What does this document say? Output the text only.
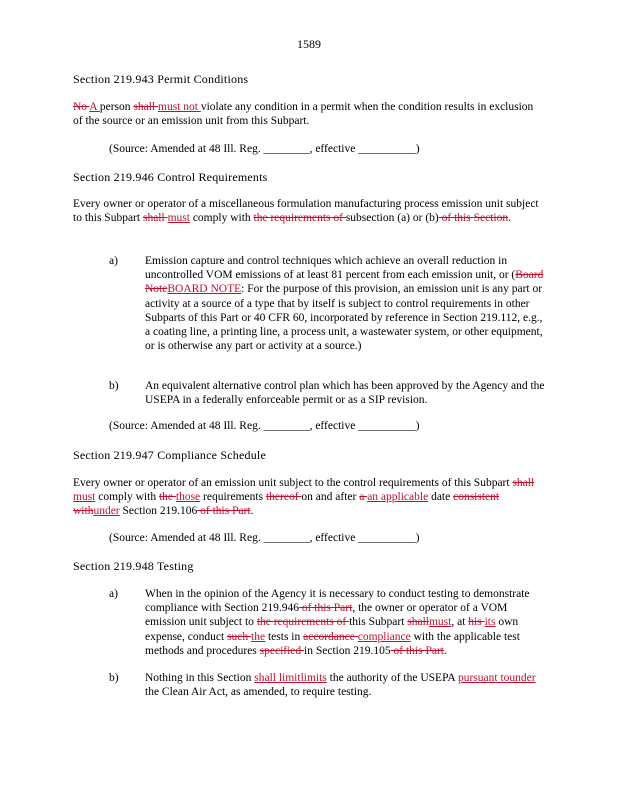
1589
Section 219.943 Permit Conditions
No A person shall must not violate any condition in a permit when the condition results in exclusion of the source or an emission unit from this Subpart.
(Source: Amended at 48 Ill. Reg. ________, effective __________)
Section 219.946 Control Requirements
Every owner or operator of a miscellaneous formulation manufacturing process emission unit subject to this Subpart shall must comply with the requirements of subsection (a) or (b) of this Section.
a) Emission capture and control techniques which achieve an overall reduction in uncontrolled VOM emissions of at least 81 percent from each emission unit, or (Board NoteBOARD NOTE: For the purpose of this provision, an emission unit is any part or activity at a source of a type that by itself is subject to control requirements in other Subparts of this Part or 40 CFR 60, incorporated by reference in Section 219.112, e.g., a coating line, a printing line, a process unit, a wastewater system, or other equipment, or is otherwise any part or activity at a source.)
b) An equivalent alternative control plan which has been approved by the Agency and the USEPA in a federally enforceable permit or as a SIP revision.
(Source: Amended at 48 Ill. Reg. ________, effective __________)
Section 219.947 Compliance Schedule
Every owner or operator of an emission unit subject to the control requirements of this Subpart shall must comply with the those requirements thereof on and after a an applicable date consistent withunder Section 219.106 of this Part.
(Source: Amended at 48 Ill. Reg. ________, effective __________)
Section 219.948 Testing
a) When in the opinion of the Agency it is necessary to conduct testing to demonstrate compliance with Section 219.946 of this Part, the owner or operator of a VOM emission unit subject to the requirements of this Subpart shallmust, at his its own expense, conduct such the tests in accordance compliance with the applicable test methods and procedures specified in Section 219.105 of this Part.
b) Nothing in this Section shall limitlimits the authority of the USEPA pursuant tounder the Clean Air Act, as amended, to require testing.
